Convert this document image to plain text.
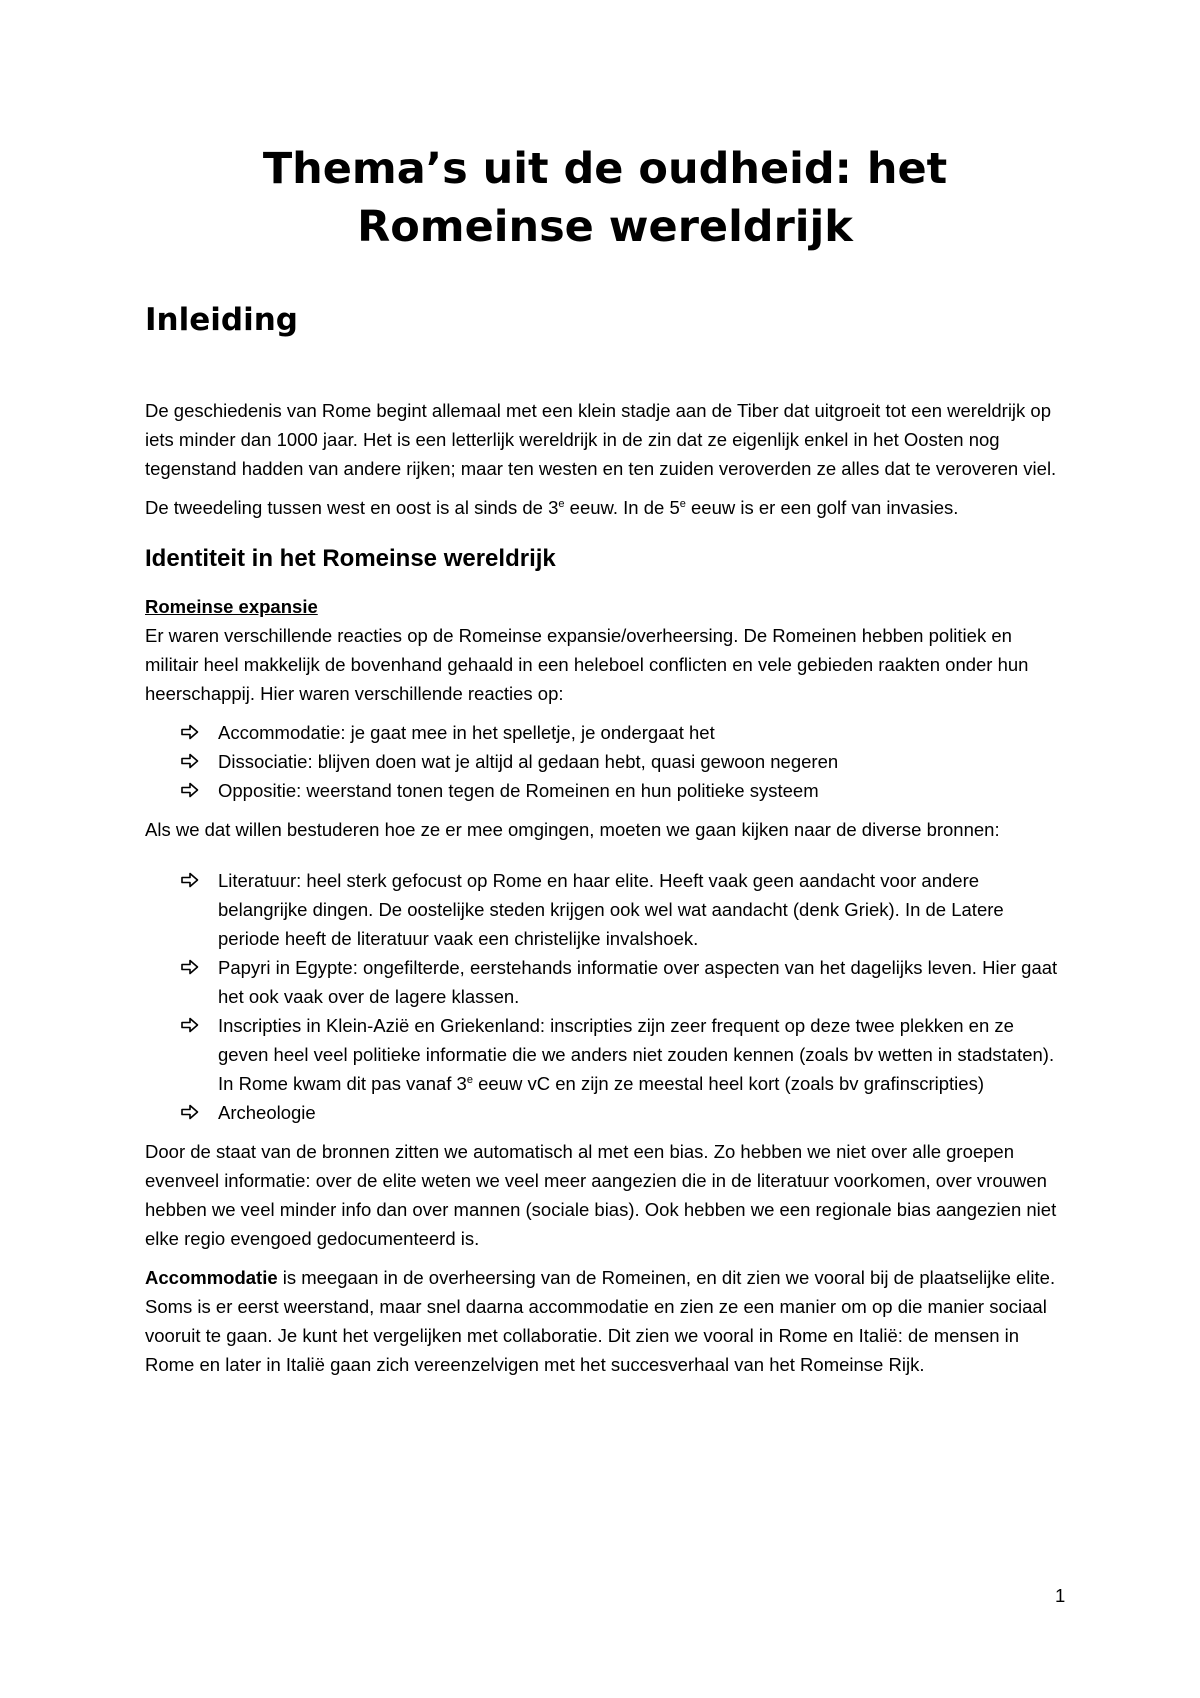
Thema’s uit de oudheid: het
Romeinse wereldrijk
Inleiding

De geschiedenis van Rome begint allemaal met een klein stadje aan de Tiber dat uitgroeit tot een wereldrijk op iets minder dan 1000 jaar. Het is een letterlijk wereldrijk in de zin dat ze eigenlijk enkel in het Oosten nog tegenstand hadden van andere rijken; maar ten westen en ten zuiden veroverden ze alles dat te veroveren viel.

De tweedeling tussen west en oost is al sinds de 3e eeuw. In de 5e eeuw is er een golf van invasies.

Identiteit in het Romeinse wereldrijk
Romeinse expansie

Er waren verschillende reacties op de Romeinse expansie/overheersing. De Romeinen hebben politiek en militair heel makkelijk de bovenhand gehaald in een heleboel conflicten en vele gebieden raakten onder hun heerschappij. Hier waren verschillende reacties op:

Accommodatie: je gaat mee in het spelletje, je ondergaat het
Dissociatie: blijven doen wat je altijd al gedaan hebt, quasi gewoon negeren
Oppositie: weerstand tonen tegen de Romeinen en hun politieke systeem

Als we dat willen bestuderen hoe ze er mee omgingen, moeten we gaan kijken naar de diverse bronnen:

Literatuur: heel sterk gefocust op Rome en haar elite. Heeft vaak geen aandacht voor andere belangrijke dingen. De oostelijke steden krijgen ook wel wat aandacht (denk Griek). In de Latere periode heeft de literatuur vaak een christelijke invalshoek.

Papyri in Egypte: ongefilterde, eerstehands informatie over aspecten van het dagelijks leven. Hier gaat het ook vaak over de lagere klassen.

Inscripties in Klein-Azië en Griekenland: inscripties zijn zeer frequent op deze twee plekken en ze geven heel veel politieke informatie die we anders niet zouden kennen (zoals bv wetten in stadstaten). In Rome kwam dit pas vanaf 3e eeuw vC en zijn ze meestal heel kort (zoals bv grafinscripties)

Archeologie

Door de staat van de bronnen zitten we automatisch al met een bias. Zo hebben we niet over alle groepen evenveel informatie: over de elite weten we veel meer aangezien die in de literatuur voorkomen, over vrouwen hebben we veel minder info dan over mannen (sociale bias). Ook hebben we een regionale bias aangezien niet elke regio evengoed gedocumenteerd is.

Accommodatie is meegaan in de overheersing van de Romeinen, en dit zien we vooral bij de plaatselijke elite. Soms is er eerst weerstand, maar snel daarna accommodatie en zien ze een manier om op die manier sociaal vooruit te gaan. Je kunt het vergelijken met collaboratie. Dit zien we vooral in Rome en Italië: de mensen in Rome en later in Italië gaan zich vereenzelvigen met het succesverhaal van het Romeinse Rijk.

1
